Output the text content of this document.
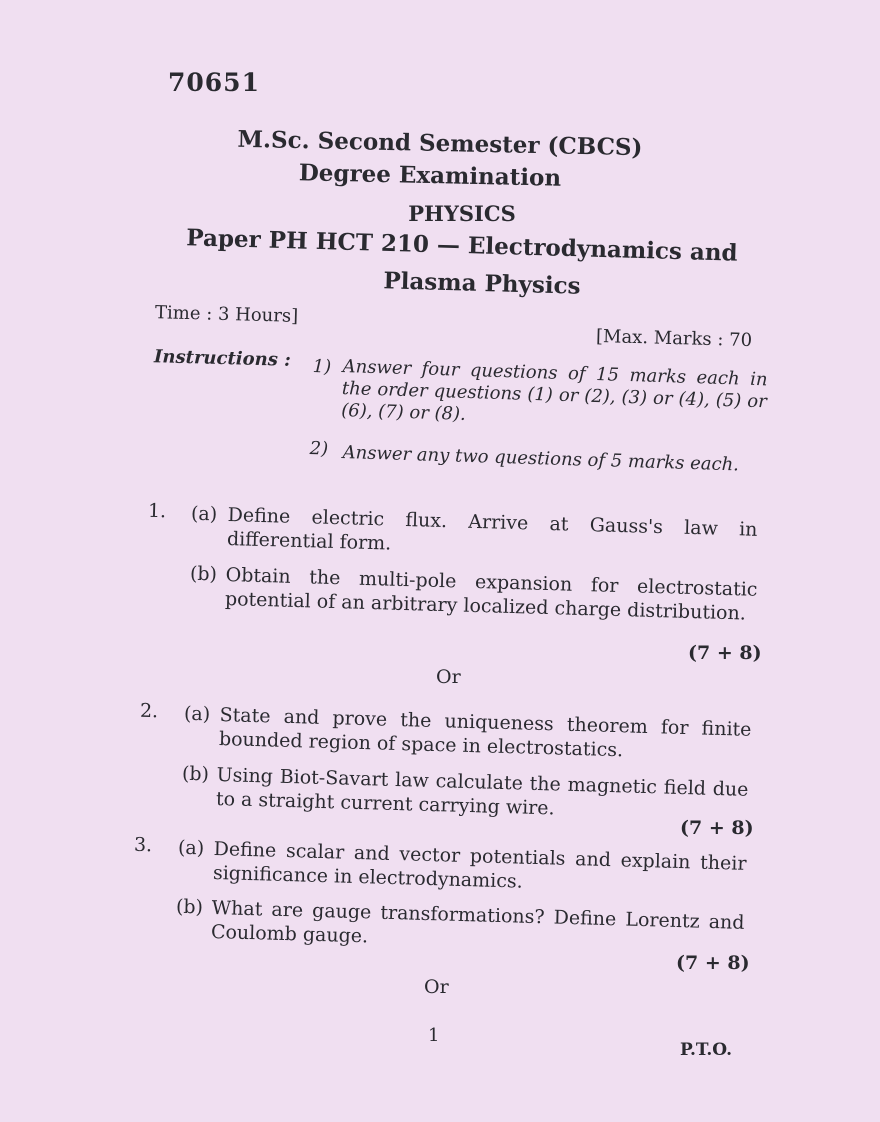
70651
M.Sc. Second Semester (CBCS)
Degree Examination
PHYSICS
Paper PH HCT 210 — Electrodynamics and
Plasma Physics
Time : 3 Hours]
[Max. Marks : 70
Instructions : 1) Answer four questions of 15 marks each in the order questions (1) or (2), (3) or (4), (5) or (6), (7) or (8).
2) Answer any two questions of 5 marks each.
1. (a) Define electric flux. Arrive at Gauss's law in differential form.
(b) Obtain the multi-pole expansion for electrostatic potential of an arbitrary localized charge distribution.
(7 + 8)
Or
2. (a) State and prove the uniqueness theorem for finite bounded region of space in electrostatics.
(b) Using Biot-Savart law calculate the magnetic field due to a straight current carrying wire.
(7 + 8)
3. (a) Define scalar and vector potentials and explain their significance in electrodynamics.
(b) What are gauge transformations? Define Lorentz and Coulomb gauge.
(7 + 8)
Or
1
P.T.O.
